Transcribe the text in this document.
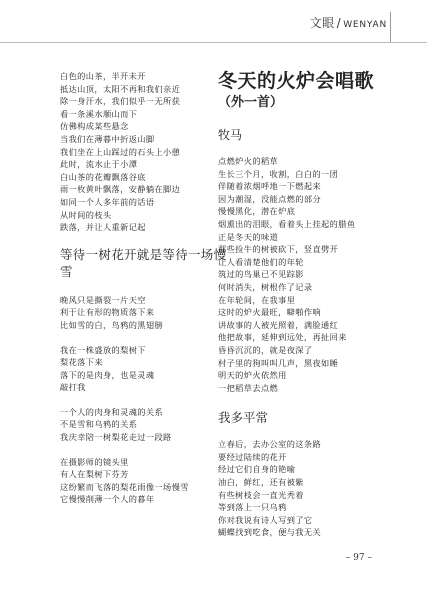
文眼 / WENYAN
白色的山茶，半开未开
抵达山顶，太阳不再和我们亲近
除一身汗水，我们似乎一无所获
看一条溪水顺山而下
仿佛构成某些悬念
当我们在薄暮中折返山脚
我们坐在上山踩过的石头上小憩
此时，流水止于小潭
白山茶的花瓣飘落谷底
雨一枚黄叶飘落，安静躺在脚边
如同一个人多年前的话语
从时间的枝头
跌落，并让人重新记起
等待一树花开就是等待一场慢雪
晚风只是撕裂一片天空
利于让有形的物质落下来
比如雪的白，鸟鸦的黑翅膀
我在一株盛放的梨树下
梨花落下来
落下的是肉身，也是灵魂
敲打我
一个人的肉身和灵魂的关系
不是雪和乌鸦的关系
我庆幸陪一树梨花走过一段路
在摄影师的镜头里
有人在梨树下芬芳
这纷繁而飞落的梨花雨像一场慢雪
它慢慢削薄一个人的暮年
冬天的火炉会唱歌
（外一首）
牧马
点燃炉火的稻草
生长三个月，收割，白白的一团
伴随着浓烟呼地一下燃起来
因为潮湿，没能点燃的部分
慢慢黑化，潜在炉底
烟熏出的泪眼，看着头上挂起的腊鱼
正是冬天的味道
那些捡牛的树被砍下，竖直劈开
让人看清楚他们的年轮
筑过的鸟巢已不见踪影
何时消失，树根作了记录
在年轮间，在我事里
这时的炉火最旺，噼啪作响
讲故事的人被光照着，满脸通红
他把故事，延伸到远处，再扯回来
昏昏沉沉的，就是夜深了
村子里的狗叫叫几声，黑夜如睡
明天的炉火依然用
一把稻草去点燃
我多平常
立春后，去办公室的这条路
要经过陆续的花开
经过它们自身的艳喻
油白，鲜红，还有被紫
有些树枝会一直光秃着
等到落上一只乌鸦
你对我说有诗人写到了它
蝴蝶找到吃食，便与我无关
– 97 –
